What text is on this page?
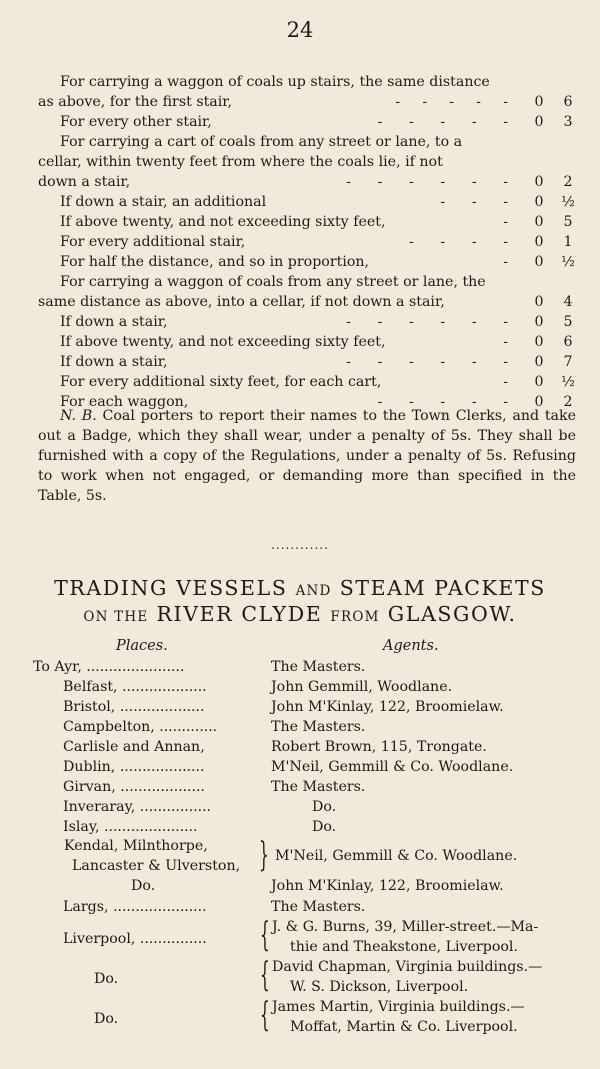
24
For carrying a waggon of coals up stairs, the same distance
as above, for the first stair,	-     -     -     -     - 0 6
For every other stair,	-      -      -      -      - 0 3
For carrying a cart of coals from any street or lane, to a
cellar, within twenty feet from where the coals lie, if not
down a stair,	-      -      -      -      -      - 0 2
If down a stair, an additional	-      -      - 0 ½
If above twenty, and not exceeding sixty feet,	- 0 5
For every additional stair,	-      -      -      - 0 1
For half the distance, and so in proportion,	- 0 ½
For carrying a waggon of coals from any street or lane, the
same distance as above, into a cellar, if not down a stair,	0 4
If down a stair,	-      -      -      -      -      - 0 5
If above twenty, and not exceeding sixty feet,	- 0 6
If down a stair,	-      -      -      -      -      - 0 7
For every additional sixty feet, for each cart,	- 0 ½
For each waggon,	-      -      -      -      - 0 2
N. B. Coal porters to report their names to the Town Clerks, and take out a Badge, which they shall wear, under a penalty of 5s. They shall be furnished with a copy of the Regulations, under a penalty of 5s. Refusing to work when not engaged, or demanding more than specified in the Table, 5s.
............
TRADING VESSELS AND STEAM PACKETS
ON THE RIVER CLYDE FROM GLASGOW.
Places.	Agents.
To Ayr, ......................	The Masters.
Belfast, ...................	John Gemmill, Woodlane.
Bristol, ...................	John M'Kinlay, 122, Broomielaw.
Campbelton, .............	The Masters.
Carlisle and Annan,	Robert Brown, 115, Trongate.
Dublin, ...................	M'Neil, Gemmill & Co. Woodlane.
Girvan, ...................	The Masters.
Inveraray, ................	Do.
Islay, .....................	Do.
Kendal, Milnthorpe,
Lancaster & Ulverston, } M'Neil, Gemmill & Co. Woodlane.
Do.	John M'Kinlay, 122, Broomielaw.
Largs, .....................	The Masters.
Liverpool, ............... { J. & G. Burns, 39, Miller-street.—Ma-
thie and Theakstone, Liverpool.
Do.	{ David Chapman, Virginia buildings.—
W. S. Dickson, Liverpool.
Do.	{ James Martin, Virginia buildings.—
Moffat, Martin & Co. Liverpool.
